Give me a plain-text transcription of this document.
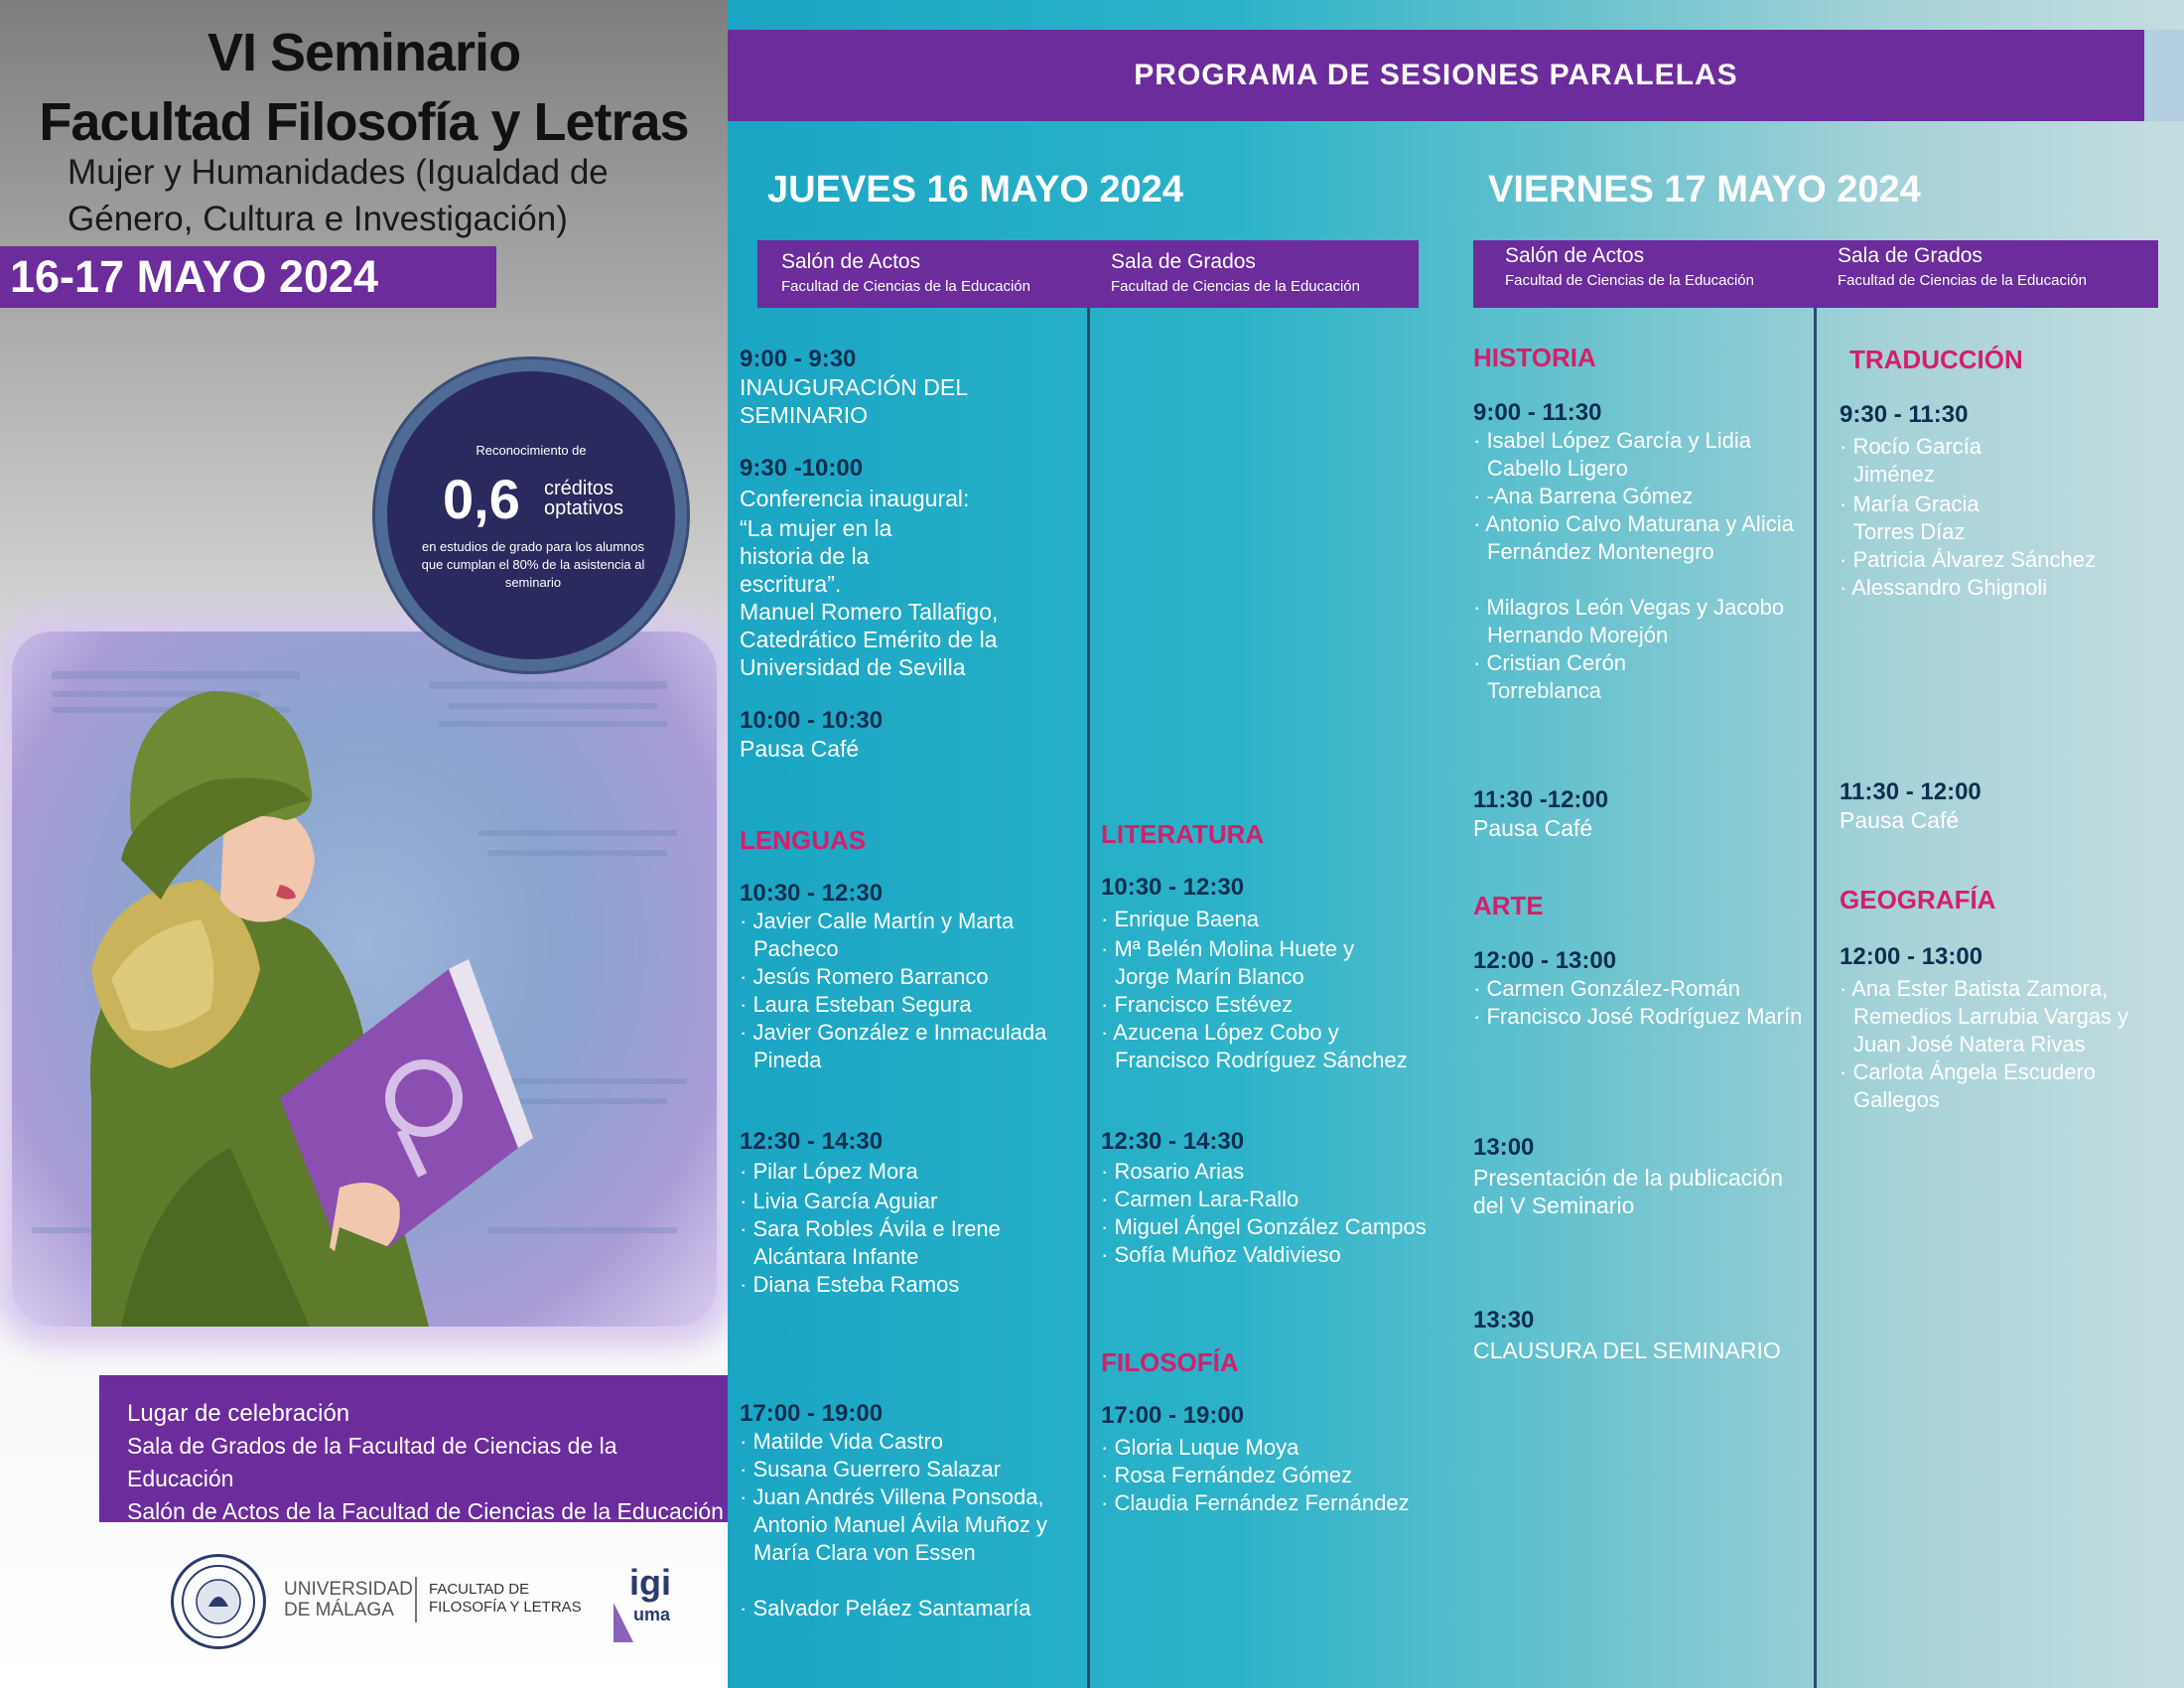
VI Seminario
Facultad Filosofía y Letras
Mujer y Humanidades (Igualdad de
Género, Cultura e Investigación)
16-17 MAYO 2024
Reconocimiento de
0,6 créditos
optativos
en estudios de grado para los alumnos que cumplan el 80% de la asistencia al seminario
Lugar de celebración
Sala de Grados de la Facultad de Ciencias de la Educación
Salón de Actos de la Facultad de Ciencias de la Educación
UNIVERSIDAD
DE MÁLAGA
FACULTAD DE
FILOSOFÍA Y LETRAS
igi
uma
PROGRAMA DE SESIONES PARALELAS
JUEVES 16 MAYO 2024	VIERNES 17 MAYO 2024
Salón de Actos
Facultad de Ciencias de la Educación
Sala de Grados
Facultad de Ciencias de la Educación
Salón de Actos
Facultad de Ciencias de la Educación
Sala de Grados
Facultad de Ciencias de la Educación
9:00 - 9:30
INAUGURACIÓN DEL
SEMINARIO
9:30 -10:00
Conferencia inaugural:
“La mujer en la
historia de la
escritura”.
Manuel Romero Tallafigo,
Catedrático Emérito de la
Universidad de Sevilla
10:00 - 10:30
Pausa Café
LENGUAS
10:30 - 12:30
· Javier Calle Martín y Marta Pacheco
· Jesús Romero Barranco
· Laura Esteban Segura
· Javier González e Inmaculada Pineda
12:30 - 14:30
· Pilar López Mora
· Livia García Aguiar
· Sara Robles Ávila e Irene Alcántara Infante
· Diana Esteba Ramos
17:00 - 19:00
· Matilde Vida Castro
· Susana Guerrero Salazar
· Juan Andrés Villena Ponsoda, Antonio Manuel Ávila Muñoz y María Clara von Essen
· Salvador Peláez Santamaría
LITERATURA
10:30 - 12:30
· Enrique Baena
· Mª Belén Molina Huete y Jorge Marín Blanco
· Francisco Estévez
· Azucena López Cobo y Francisco Rodríguez Sánchez
12:30 - 14:30
· Rosario Arias
· Carmen Lara-Rallo
· Miguel Ángel González Campos
· Sofía Muñoz Valdivieso
FILOSOFÍA
17:00 - 19:00
· Gloria Luque Moya
· Rosa Fernández Gómez
· Claudia Fernández Fernández
HISTORIA
9:00 - 11:30
· Isabel López García y Lidia Cabello Ligero
· -Ana Barrena Gómez
· Antonio Calvo Maturana y Alicia Fernández Montenegro
· Milagros León Vegas y Jacobo Hernando Morejón
· Cristian Cerón Torreblanca
11:30 -12:00
Pausa Café
ARTE
12:00 - 13:00
· Carmen González-Román
· Francisco José Rodríguez Marín
13:00
Presentación de la publicación
del V Seminario
13:30
CLAUSURA DEL SEMINARIO
TRADUCCIÓN
9:30 - 11:30
· Rocío García Jiménez
· María Gracia Torres Díaz
· Patricia Álvarez Sánchez
· Alessandro Ghignoli
11:30 - 12:00
Pausa Café
GEOGRAFÍA
12:00 - 13:00
· Ana Ester Batista Zamora, Remedios Larrubia Vargas y Juan José Natera Rivas
· Carlota Ángela Escudero Gallegos
